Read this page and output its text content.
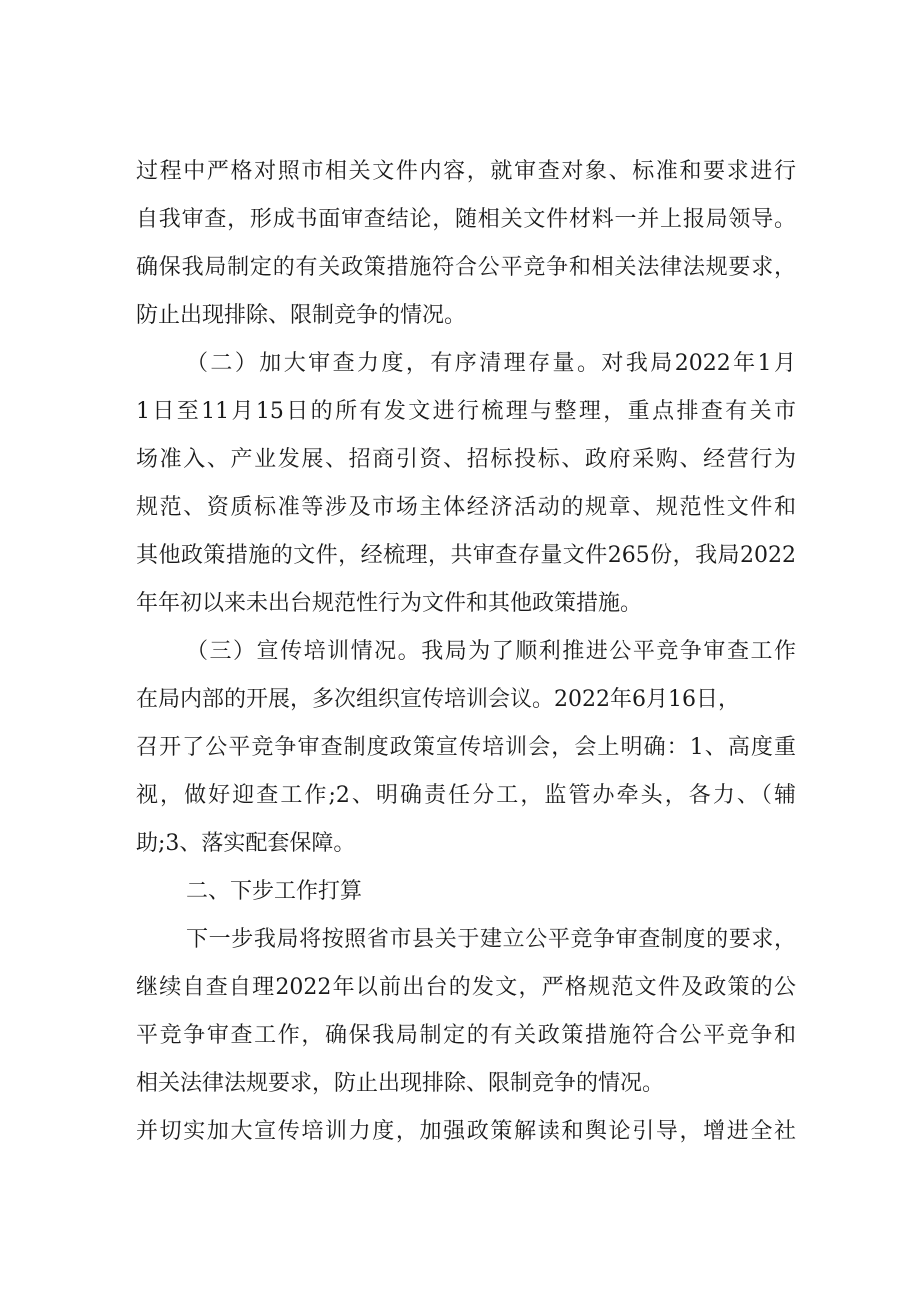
过程中严格对照市相关文件内容，就审查对象、标准和要求进行
自我审查，形成书面审查结论，随相关文件材料一并上报局领导。
确保我局制定的有关政策措施符合公平竞争和相关法律法规要求，
防止出现排除、限制竞争的情况。
（二）加大审查力度，有序清理存量。对我局2022年1月
1日至11月15日的所有发文进行梳理与整理，重点排查有关市
场准入、产业发展、招商引资、招标投标、政府采购、经营行为
规范、资质标准等涉及市场主体经济活动的规章、规范性文件和
其他政策措施的文件，经梳理，共审查存量文件265份，我局2022
年年初以来未出台规范性行为文件和其他政策措施。
（三）宣传培训情况。我局为了顺利推进公平竞争审查工作
在局内部的开展，多次组织宣传培训会议。2022年6月16日，
召开了公平竞争审查制度政策宣传培训会，会上明确：1、高度重
视，做好迎查工作;2、明确责任分工，监管办牵头，各力、（辅
助;3、落实配套保障。
二、下步工作打算
下一步我局将按照省市县关于建立公平竞争审查制度的要求，
继续自查自理2022年以前出台的发文，严格规范文件及政策的公
平竞争审查工作，确保我局制定的有关政策措施符合公平竞争和
相关法律法规要求，防止出现排除、限制竞争的情况。
并切实加大宣传培训力度，加强政策解读和舆论引导，增进全社
